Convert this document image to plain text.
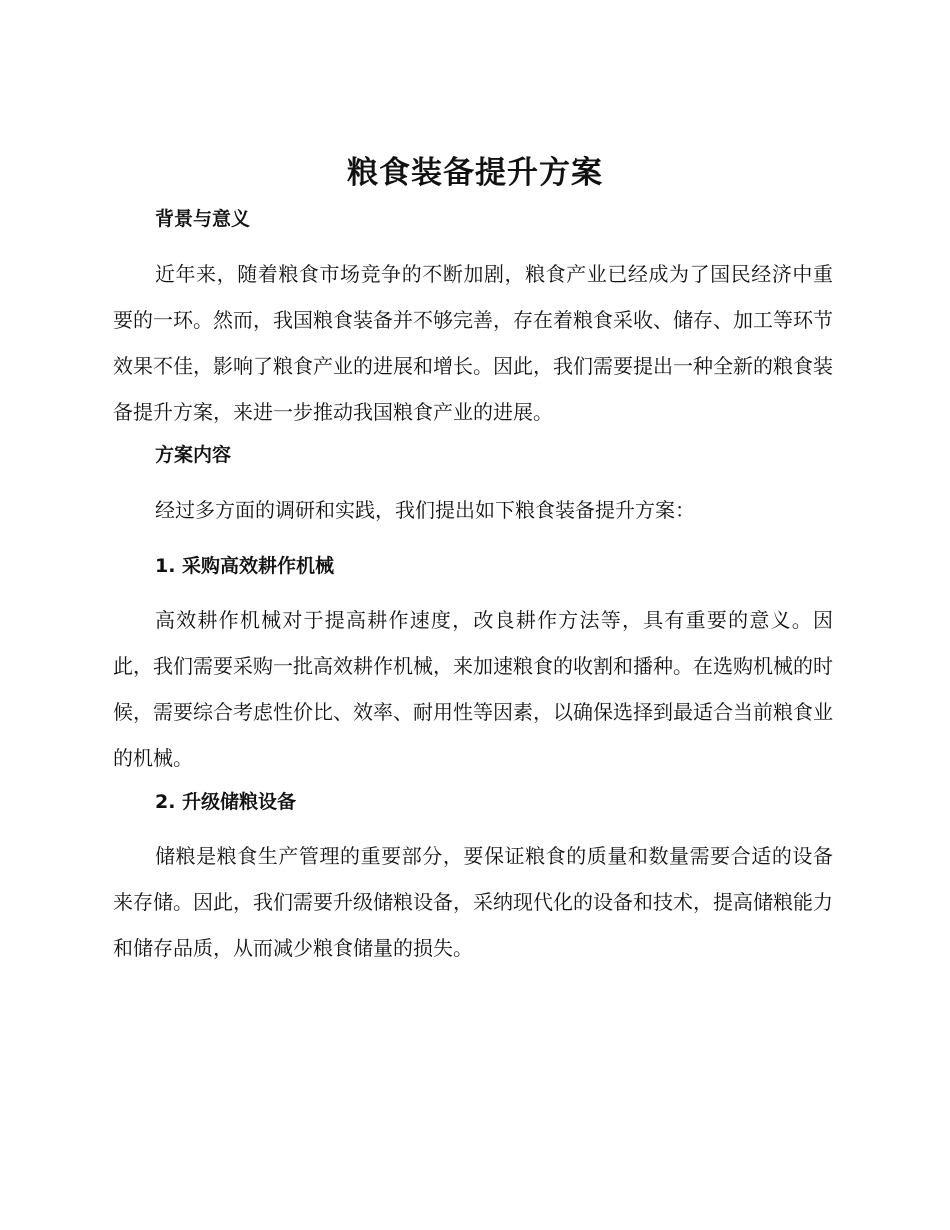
粮食装备提升方案
背景与意义

近年来，随着粮食市场竞争的不断加剧，粮食产业已经成为了国民经济中重要的一环。然而，我国粮食装备并不够完善，存在着粮食采收、储存、加工等环节效果不佳，影响了粮食产业的进展和增长。因此，我们需要提出一种全新的粮食装备提升方案，来进一步推动我国粮食产业的进展。

方案内容

经过多方面的调研和实践，我们提出如下粮食装备提升方案：

1. 采购高效耕作机械

高效耕作机械对于提高耕作速度，改良耕作方法等，具有重要的意义。因此，我们需要采购一批高效耕作机械，来加速粮食的收割和播种。在选购机械的时候，需要综合考虑性价比、效率、耐用性等因素，以确保选择到最适合当前粮食业的机械。

2. 升级储粮设备

储粮是粮食生产管理的重要部分，要保证粮食的质量和数量需要合适的设备来存储。因此，我们需要升级储粮设备，采纳现代化的设备和技术，提高储粮能力和储存品质，从而减少粮食储量的损失。
